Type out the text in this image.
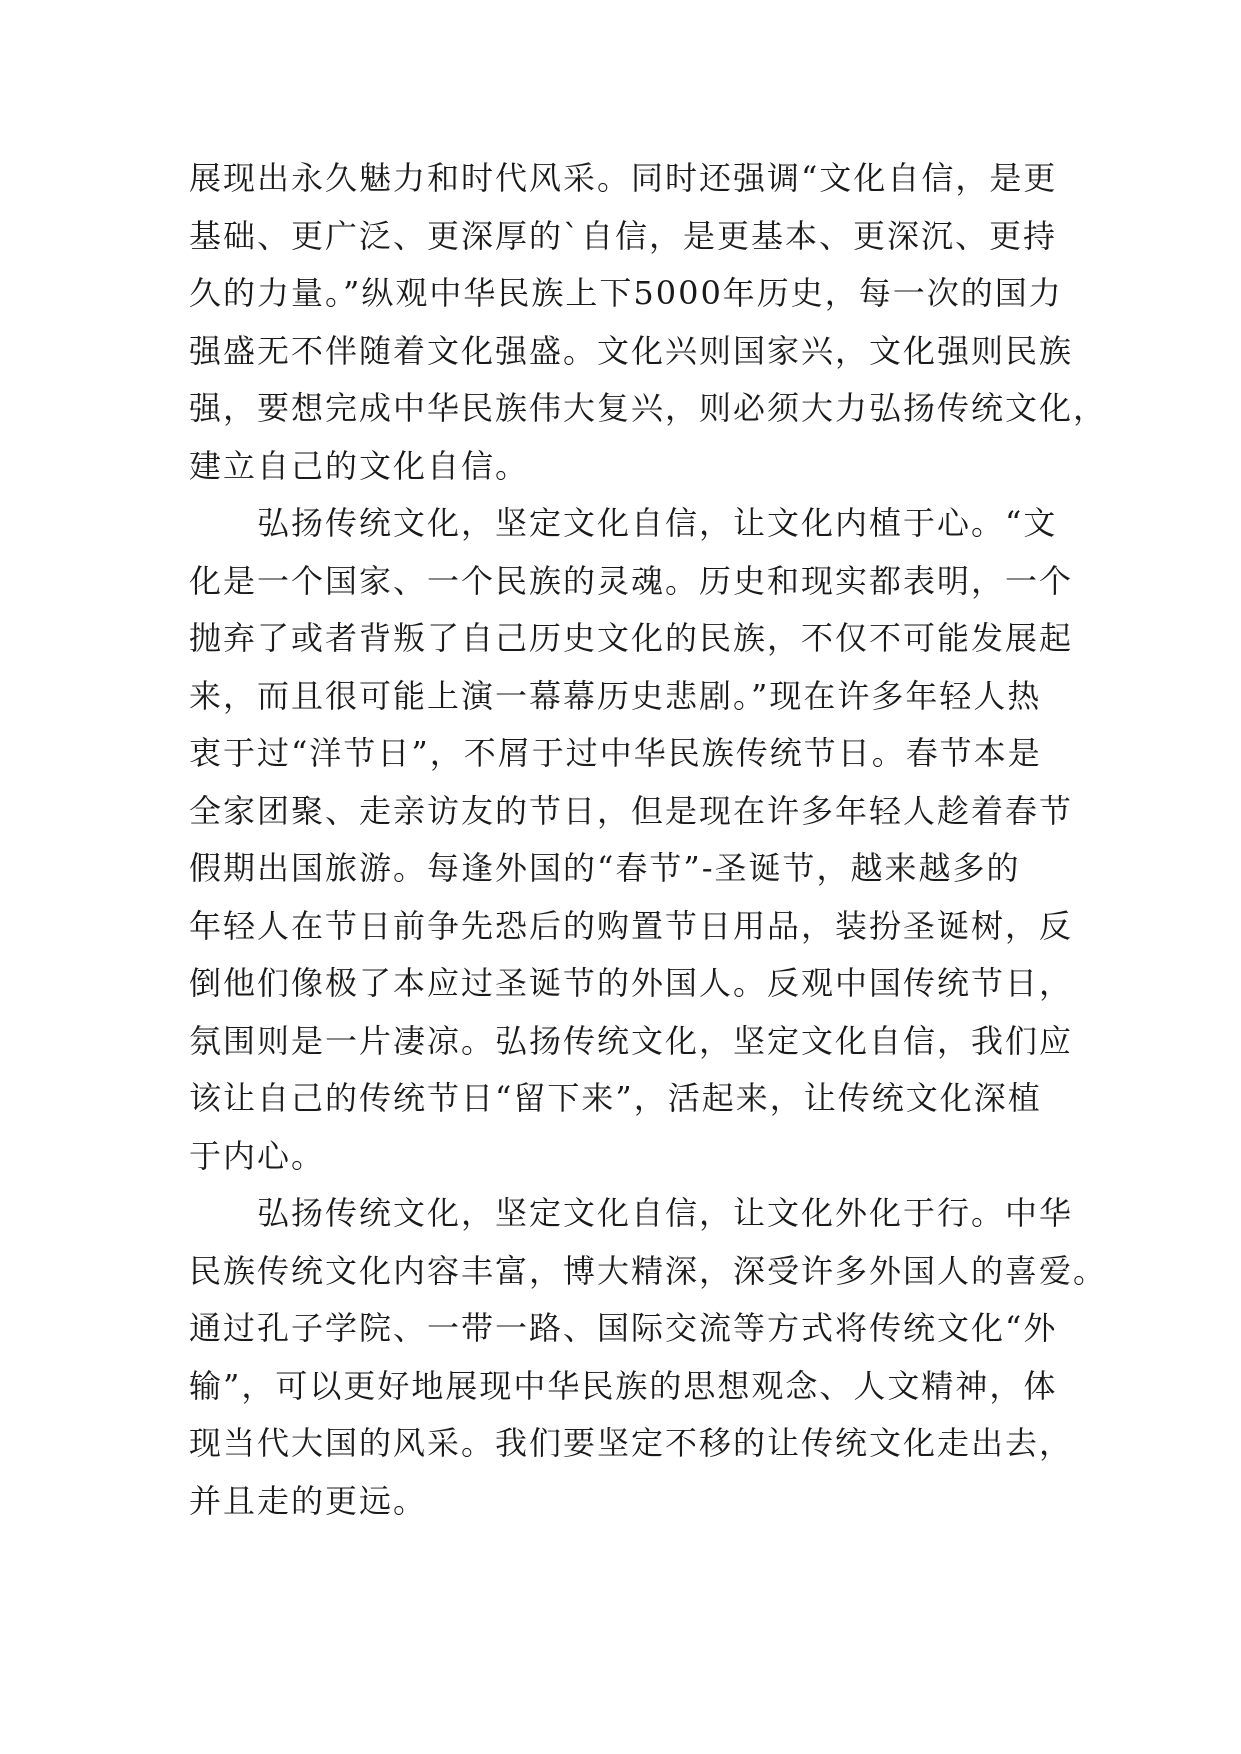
展现出永久魅力和时代风采。同时还强调“文化自信，是更
基础、更广泛、更深厚的`自信，是更基本、更深沉、更持
久的力量。”纵观中华民族上下5000年历史，每一次的国力
强盛无不伴随着文化强盛。文化兴则国家兴，文化强则民族
强，要想完成中华民族伟大复兴，则必须大力弘扬传统文化，
建立自己的文化自信。
弘扬传统文化，坚定文化自信，让文化内植于心。“文
化是一个国家、一个民族的灵魂。历史和现实都表明，一个
抛弃了或者背叛了自己历史文化的民族，不仅不可能发展起
来，而且很可能上演一幕幕历史悲剧。”现在许多年轻人热
衷于过“洋节日”，不屑于过中华民族传统节日。春节本是
全家团聚、走亲访友的节日，但是现在许多年轻人趁着春节
假期出国旅游。每逢外国的“春节”-圣诞节，越来越多的
年轻人在节日前争先恐后的购置节日用品，装扮圣诞树，反
倒他们像极了本应过圣诞节的外国人。反观中国传统节日，
氛围则是一片凄凉。弘扬传统文化，坚定文化自信，我们应
该让自己的传统节日“留下来”，活起来，让传统文化深植
于内心。
弘扬传统文化，坚定文化自信，让文化外化于行。中华
民族传统文化内容丰富，博大精深，深受许多外国人的喜爱。
通过孔子学院、一带一路、国际交流等方式将传统文化“外
输”，可以更好地展现中华民族的思想观念、人文精神，体
现当代大国的风采。我们要坚定不移的让传统文化走出去，
并且走的更远。
